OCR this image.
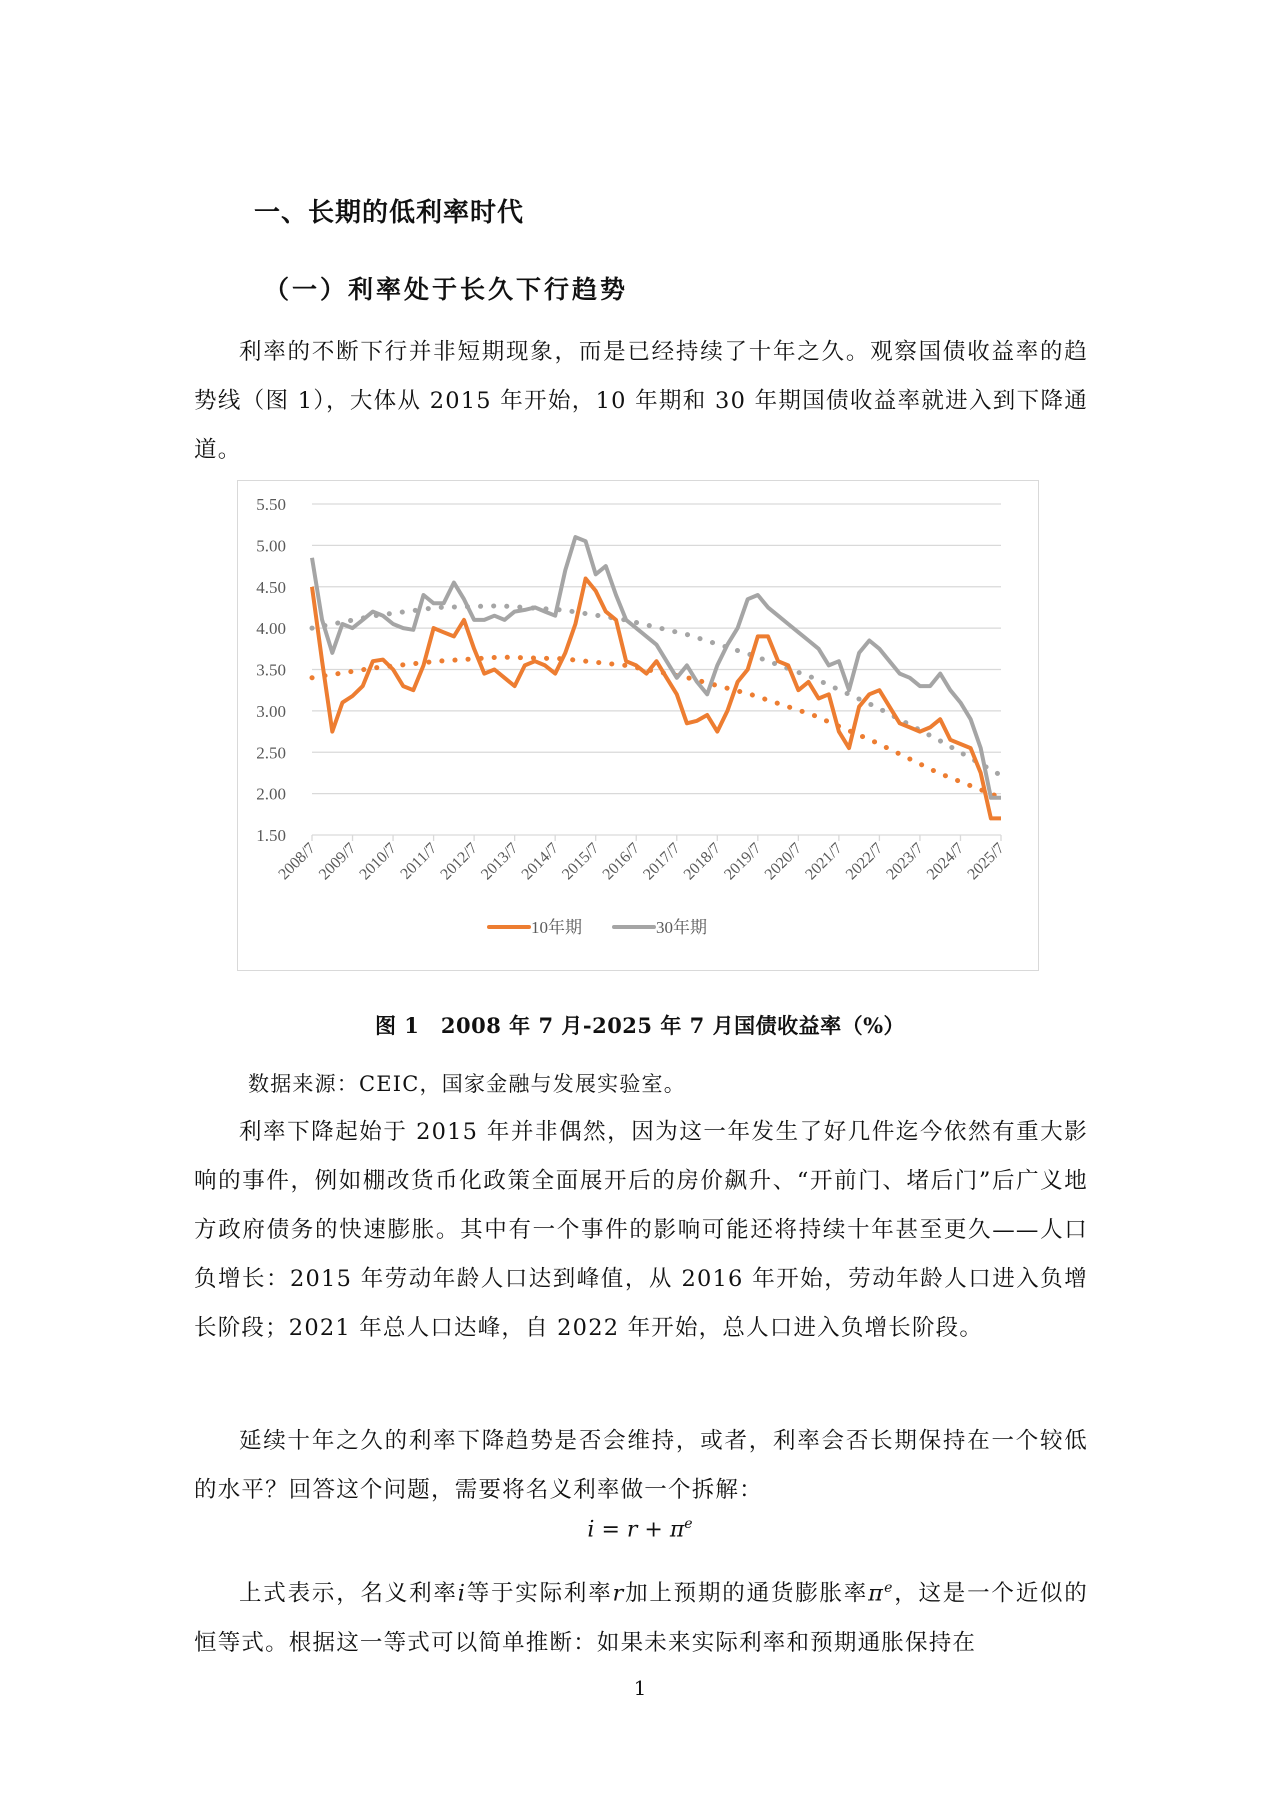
一、长期的低利率时代
（一）利率处于长久下行趋势
利率的不断下行并非短期现象，而是已经持续了十年之久。观察国债收益率的趋势线（图 1），大体从 2015 年开始，10 年期和 30 年期国债收益率就进入到下降通道。
5.50
5.00
4.50
4.00
3.50
3.00
2.50
2.00
1.50
2008/7
2009/7
2010/7
2011/7
2012/7
2013/7
2014/7
2015/7
2016/7
2017/7
2018/7
2019/7
2020/7
2021/7
2022/7
2023/7
2024/7
2025/7
10年期	30年期
图 1　2008 年 7 月-2025 年 7 月国债收益率（%）
数据来源：CEIC，国家金融与发展实验室。
利率下降起始于 2015 年并非偶然，因为这一年发生了好几件迄今依然有重大影响的事件，例如棚改货币化政策全面展开后的房价飙升、“开前门、堵后门”后广义地方政府债务的快速膨胀。其中有一个事件的影响可能还将持续十年甚至更久——人口负增长：2015 年劳动年龄人口达到峰值，从 2016 年开始，劳动年龄人口进入负增长阶段；2021 年总人口达峰，自 2022 年开始，总人口进入负增长阶段。
延续十年之久的利率下降趋势是否会维持，或者，利率会否长期保持在一个较低的水平？回答这个问题，需要将名义利率做一个拆解：
$i = r + \pi^e$
上式表示，名义利率i等于实际利率r加上预期的通货膨胀率$\pi^e$，这是一个近似的恒等式。根据这一等式可以简单推断：如果未来实际利率和预期通胀保持在
1
